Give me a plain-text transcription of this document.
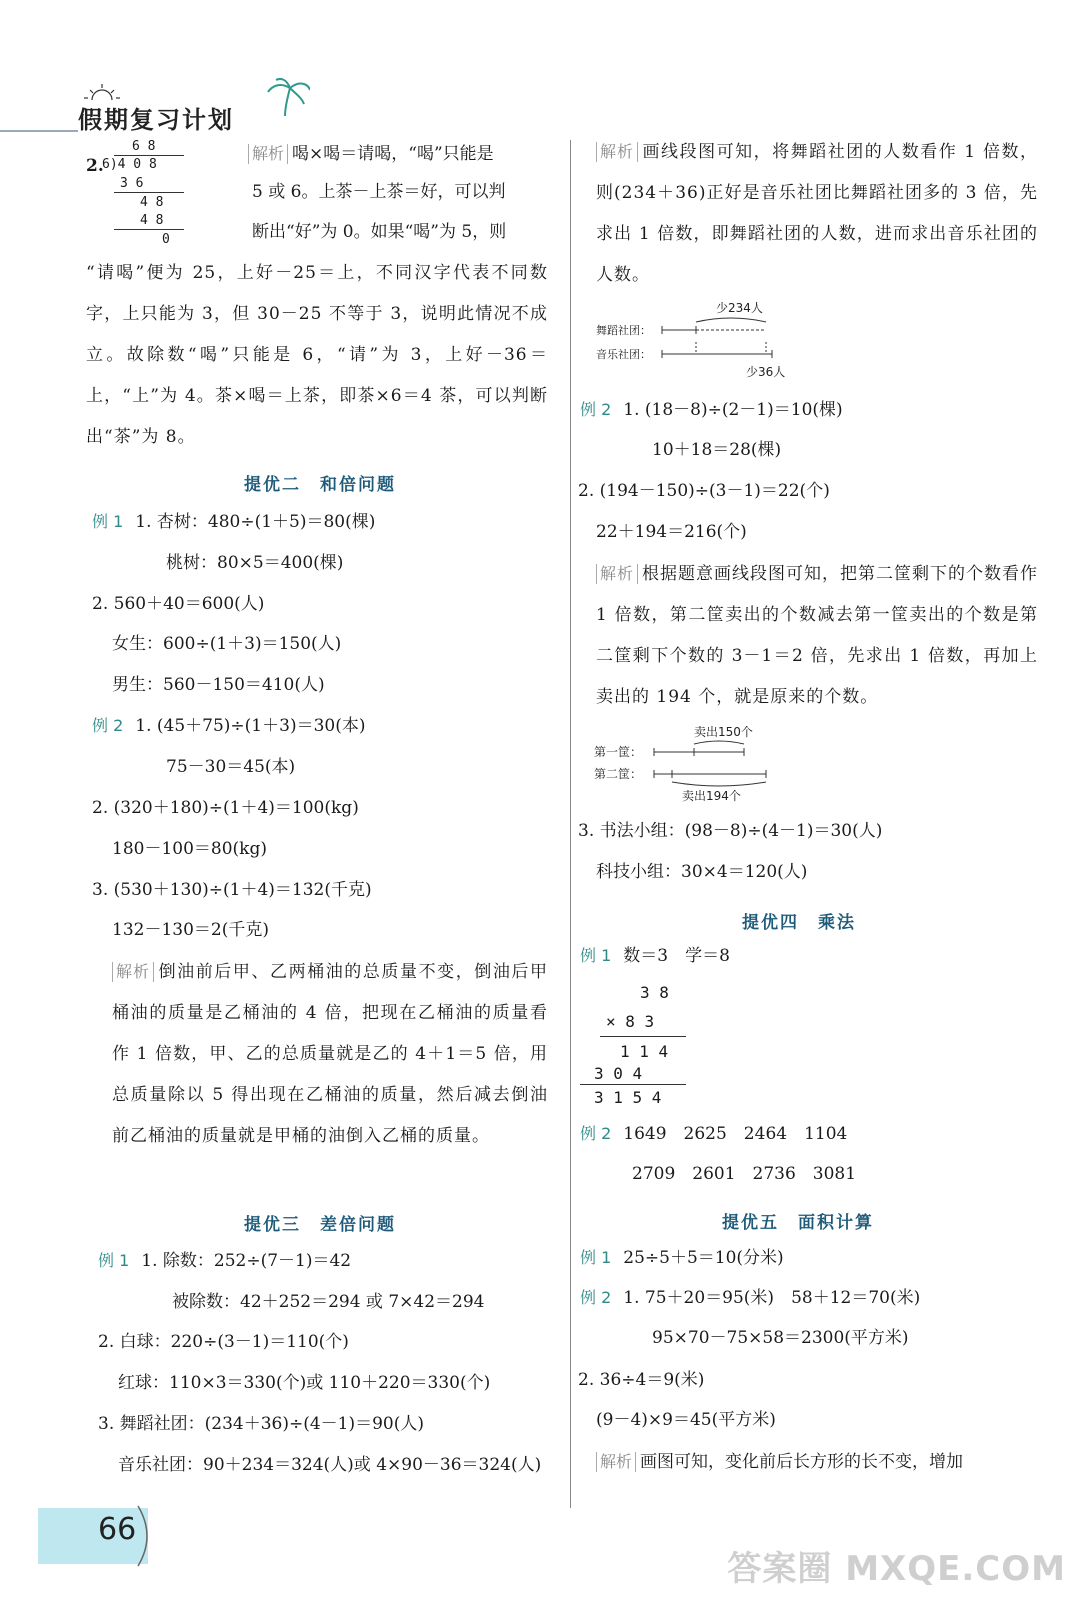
假期复习计划
2.
6 8
6)4 0 8
3 6
4 8
4 8
0
解析 喝×喝＝请喝，“喝”只能是
5 或 6。上茶－上茶＝好，可以判
断出“好”为 0。如果“喝”为 5，则
“请喝”便为 25，上好－25＝上，不同汉字代表不同数字，上只能为 3，但 30－25 不等于 3，说明此情况不成立。故除数“喝”只能是 6，“请”为 3，上好－36＝上，“上”为 4。茶×喝＝上茶，即茶×6＝4 茶，可以判断出“茶”为 8。
提优二　和倍问题
例 1 1. 杏树：480÷(1＋5)＝80(棵)
桃树：80×5＝400(棵)
2. 560＋40＝600(人)
女生：600÷(1＋3)＝150(人)
男生：560－150＝410(人)
例 2 1. (45＋75)÷(1＋3)＝30(本)
75－30＝45(本)
2. (320＋180)÷(1＋4)＝100(kg)
180－100＝80(kg)
3. (530＋130)÷(1＋4)＝132(千克)
132－130＝2(千克)
解析 倒油前后甲、乙两桶油的总质量不变，倒油后甲桶油的质量是乙桶油的 4 倍，把现在乙桶油的质量看作 1 倍数，甲、乙的总质量就是乙的 4＋1＝5 倍，用总质量除以 5 得出现在乙桶油的质量，然后减去倒油前乙桶油的质量就是甲桶的油倒入乙桶的质量。
提优三　差倍问题
例 1 1. 除数：252÷(7－1)＝42
被除数：42＋252＝294 或 7×42＝294
2. 白球：220÷(3－1)＝110(个)
红球：110×3＝330(个)或 110＋220＝330(个)
3. 舞蹈社团：(234＋36)÷(4－1)＝90(人)
音乐社团：90＋234＝324(人)或 4×90－36＝324(人)
解析 画线段图可知，将舞蹈社团的人数看作 1 倍数，则(234＋36)正好是音乐社团比舞蹈社团多的 3 倍，先求出 1 倍数，即舞蹈社团的人数，进而求出音乐社团的人数。
少234人
舞蹈社团：
音乐社团：
少36人
例 2 1. (18－8)÷(2－1)＝10(棵)
10＋18＝28(棵)
2. (194－150)÷(3－1)＝22(个)
22＋194＝216(个)
解析 根据题意画线段图可知，把第二筐剩下的个数看作 1 倍数，第二筐卖出的个数减去第一筐卖出的个数是第二筐剩下个数的 3－1＝2 倍，先求出 1 倍数，再加上卖出的 194 个，就是原来的个数。
卖出150个
第一筐：
第二筐：
卖出194个
3. 书法小组：(98－8)÷(4－1)＝30(人)
科技小组：30×4＝120(人)
提优四　乘法
例 1 数＝3　学＝8
3 8
× 8 3
1 1 4
3 0 4
3 1 5 4
例 2 1649　2625　2464　1104
2709　2601　2736　3081
提优五　面积计算
例 1 25÷5＋5＝10(分米)
例 2 1. 75＋20＝95(米)　58＋12＝70(米)
95×70－75×58＝2300(平方米)
2. 36÷4＝9(米)
(9－4)×9＝45(平方米)
解析 画图可知，变化前后长方形的长不变，增加
66
答案圈 MXQE.COM
